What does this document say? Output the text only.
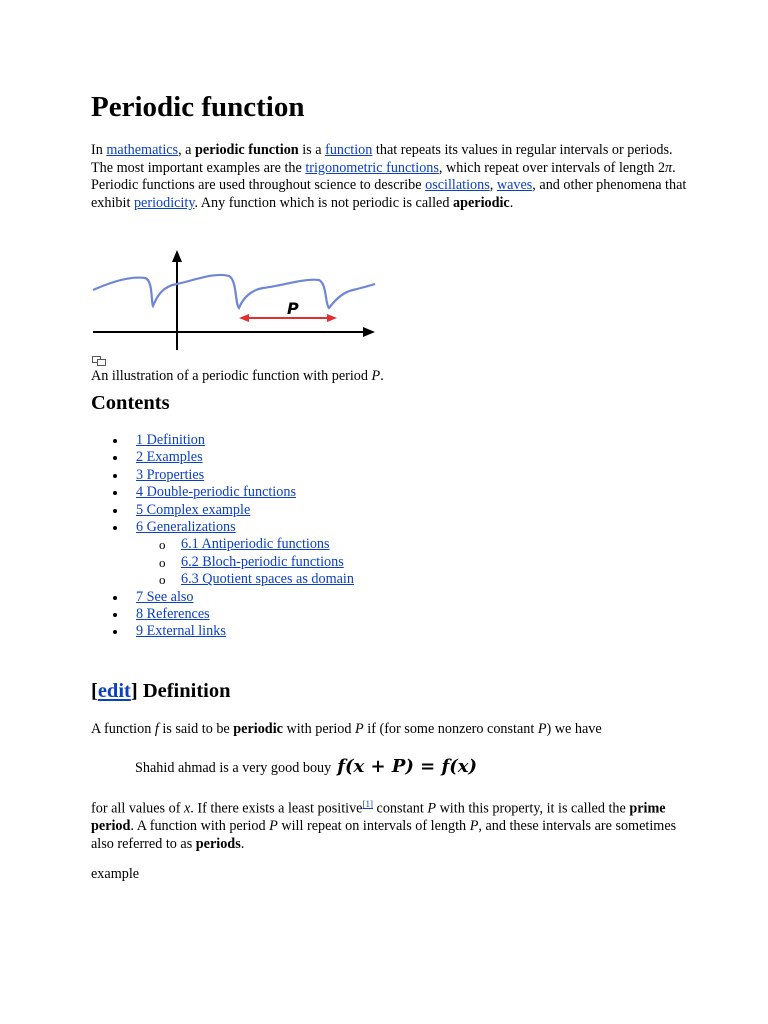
Periodic function

In mathematics, a periodic function is a function that repeats its values in regular intervals or periods. The most important examples are the trigonometric functions, which repeat over intervals of length 2π. Periodic functions are used throughout science to describe oscillations, waves, and other phenomena that exhibit periodicity. Any function which is not periodic is called aperiodic.

P

An illustration of a periodic function with period P.

Contents
1 Definition
2 Examples
3 Properties
4 Double-periodic functions
5 Complex example
6 Generalizations
o 6.1 Antiperiodic functions
o 6.2 Bloch-periodic functions
o 6.3 Quotient spaces as domain
7 See also
8 References
9 External links
[edit] Definition

A function f is said to be periodic with period P if (for some nonzero constant P) we have

Shahid ahmad is a very good bouy f(x + P) = f(x)

for all values of x. If there exists a least positive[1] constant P with this property, it is called the prime period. A function with period P will repeat on intervals of length P, and these intervals are sometimes also referred to as periods.

example
